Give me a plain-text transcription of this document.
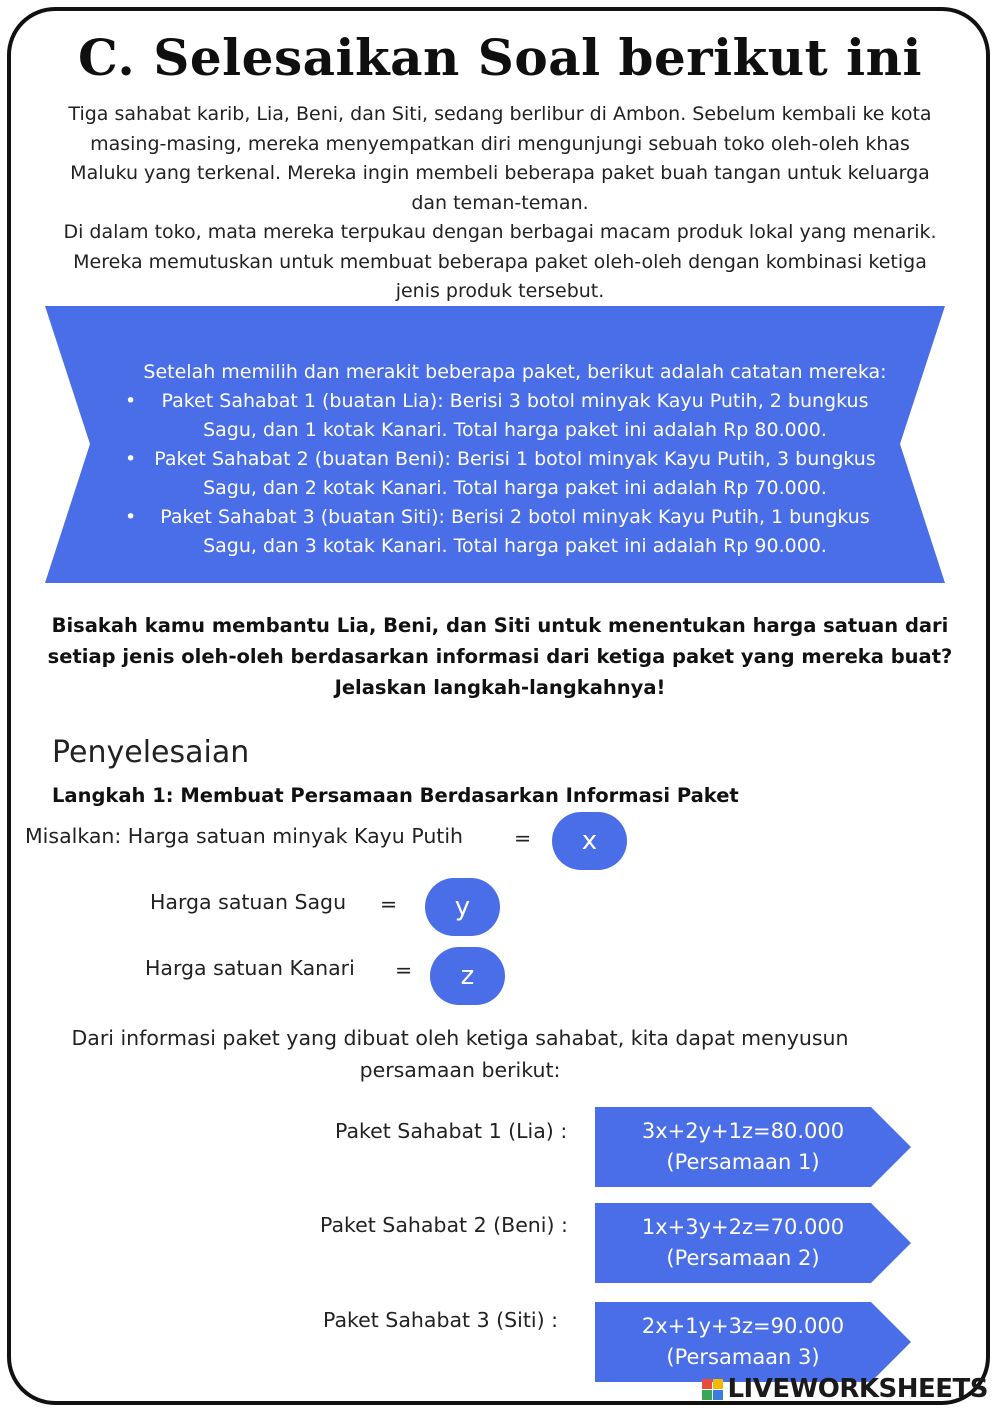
C. Selesaikan Soal berikut ini

Tiga sahabat karib, Lia, Beni, dan Siti, sedang berlibur di Ambon. Sebelum kembali ke kota masing-masing, mereka menyempatkan diri mengunjungi sebuah toko oleh-oleh khas Maluku yang terkenal. Mereka ingin membeli beberapa paket buah tangan untuk keluarga dan teman-teman.

Di dalam toko, mata mereka terpukau dengan berbagai macam produk lokal yang menarik. Mereka memutuskan untuk membuat beberapa paket oleh-oleh dengan kombinasi ketiga jenis produk tersebut.

Setelah memilih dan merakit beberapa paket, berikut adalah catatan mereka:

• Paket Sahabat 1 (buatan Lia): Berisi 3 botol minyak Kayu Putih, 2 bungkus Sagu, dan 1 kotak Kanari. Total harga paket ini adalah Rp 80.000.
• Paket Sahabat 2 (buatan Beni): Berisi 1 botol minyak Kayu Putih, 3 bungkus Sagu, dan 2 kotak Kanari. Total harga paket ini adalah Rp 70.000.
• Paket Sahabat 3 (buatan Siti): Berisi 2 botol minyak Kayu Putih, 1 bungkus Sagu, dan 3 kotak Kanari. Total harga paket ini adalah Rp 90.000.

Bisakah kamu membantu Lia, Beni, dan Siti untuk menentukan harga satuan dari setiap jenis oleh-oleh berdasarkan informasi dari ketiga paket yang mereka buat? Jelaskan langkah-langkahnya!

Penyelesaian
Langkah 1: Membuat Persamaan Berdasarkan Informasi Paket
Misalkan: Harga satuan minyak Kayu Putih =	x
Harga satuan Sagu =	y
Harga satuan Kanari =	z

Dari informasi paket yang dibuat oleh ketiga sahabat, kita dapat menyusun persamaan berikut:

Paket Sahabat 1 (Lia) :	3x+2y+1z=80.000
(Persamaan 1)
Paket Sahabat 2 (Beni) :	1x+3y+2z=70.000
(Persamaan 2)
Paket Sahabat 3 (Siti) :	2x+1y+3z=90.000
(Persamaan 3)
LIVEWORKSHEETS
